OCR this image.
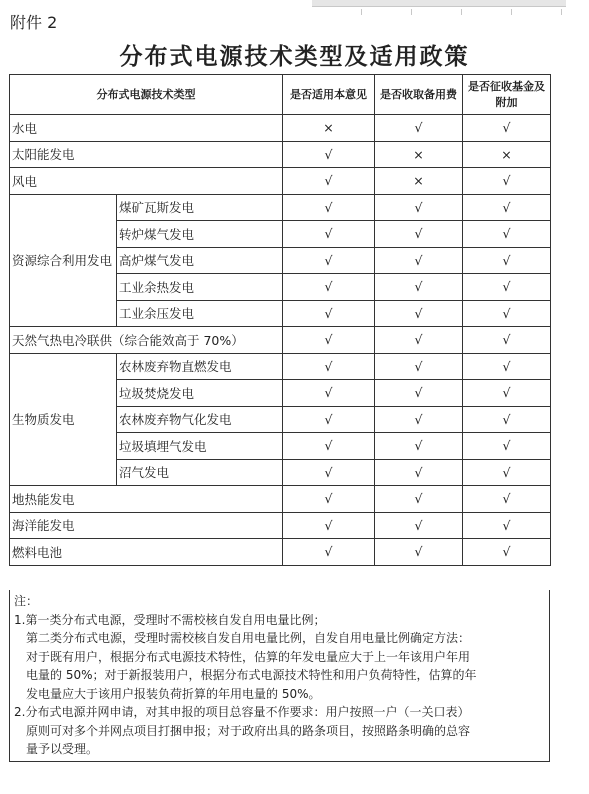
附件 2
分布式电源技术类型及适用政策
分布式电源技术类型		是否适用本意见	是否收取备用费	是否征收基金及附加
水电		×	√	√
太阳能发电		√	×	×
风电		√	×	√
资源综合利用发电	煤矿瓦斯发电	√	√	√
	转炉煤气发电	√	√	√
	高炉煤气发电	√	√	√
	工业余热发电	√	√	√
	工业余压发电	√	√	√
天然气热电冷联供（综合能效高于 70%）		√	√	√
生物质发电	农林废弃物直燃发电	√	√	√
	垃圾焚烧发电	√	√	√
	农林废弃物气化发电	√	√	√
	垃圾填埋气发电	√	√	√
	沼气发电	√	√	√
地热能发电		√	√	√
海洋能发电		√	√	√
燃料电池		√	√	√
注：
1.第一类分布式电源，受理时不需校核自发自用电量比例；
第二类分布式电源，受理时需校核自发自用电量比例，自发自用电量比例确定方法：
对于既有用户，根据分布式电源技术特性，估算的年发电量应大于上一年该用户年用
电量的 50%；对于新报装用户，根据分布式电源技术特性和用户负荷特性，估算的年
发电量应大于该用户报装负荷折算的年用电量的 50%。
2.分布式电源并网申请，对其申报的项目总容量不作要求：用户按照一户（一关口表）
原则可对多个并网点项目打捆申报；对于政府出具的路条项目，按照路条明确的总容
量予以受理。
